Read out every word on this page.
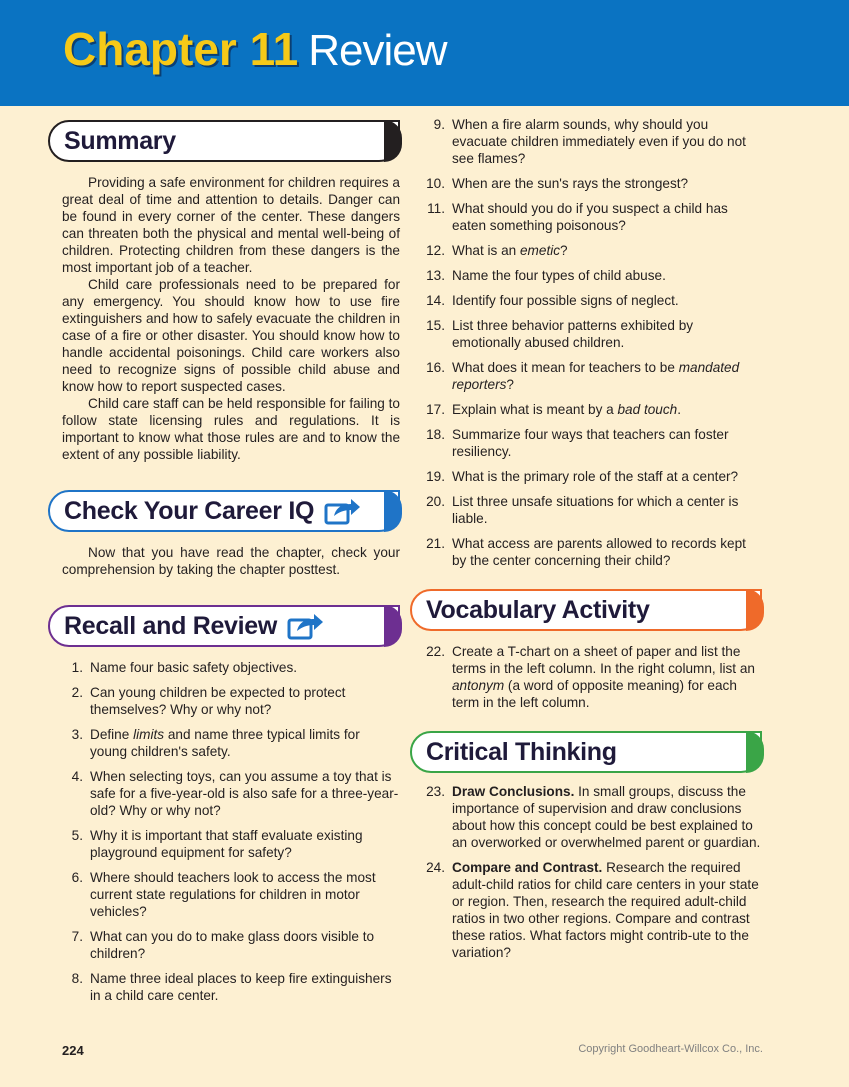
Chapter 11 Review
Summary

Providing a safe environment for children requires a great deal of time and attention to details. Danger can be found in every corner of the center. These dangers can threaten both the physical and mental well-being of children. Protecting children from these dangers is the most important job of a teacher.

Child care professionals need to be prepared for any emergency. You should know how to use fire extinguishers and how to safely evacuate the children in case of a fire or other disaster. You should know how to handle accidental poisonings. Child care workers also need to recognize signs of possible child abuse and know how to report suspected cases.

Child care staff can be held responsible for failing to follow state licensing rules and regulations. It is important to know what those rules are and to know the extent of any possible liability.

Check Your Career IQ

Now that you have read the chapter, check your comprehension by taking the chapter posttest.

Recall and Review
1. Name four basic safety objectives.
2. Can young children be expected to protect themselves? Why or why not?
3. Define limits and name three typical limits for young children's safety.
4. When selecting toys, can you assume a toy that is safe for a five-year-old is also safe for a three-year-old? Why or why not?
5. Why it is important that staff evaluate existing playground equipment for safety?
6. Where should teachers look to access the most current state regulations for children in motor vehicles?
7. What can you do to make glass doors visible to children?
8. Name three ideal places to keep fire extinguishers in a child care center.
9. When a fire alarm sounds, why should you evacuate children immediately even if you do not see flames?
10. When are the sun's rays the strongest?
11. What should you do if you suspect a child has eaten something poisonous?
12. What is an emetic?
13. Name the four types of child abuse.
14. Identify four possible signs of neglect.
15. List three behavior patterns exhibited by emotionally abused children.
16. What does it mean for teachers to be mandated reporters?
17. Explain what is meant by a bad touch.
18. Summarize four ways that teachers can foster resiliency.
19. What is the primary role of the staff at a center?
20. List three unsafe situations for which a center is liable.
21. What access are parents allowed to records kept by the center concerning their child?
Vocabulary Activity
22. Create a T-chart on a sheet of paper and list the terms in the left column. In the right column, list an antonym (a word of opposite meaning) for each term in the left column.
Critical Thinking
23. Draw Conclusions. In small groups, discuss the importance of supervision and draw conclusions about how this concept could be best explained to an overworked or overwhelmed parent or guardian.
24. Compare and Contrast. Research the required adult-child ratios for child care centers in your state or region. Then, research the required adult-child ratios in two other regions. Compare and contrast these ratios. What factors might contrib-ute to the variation?
224	Copyright Goodheart-Willcox Co., Inc.
